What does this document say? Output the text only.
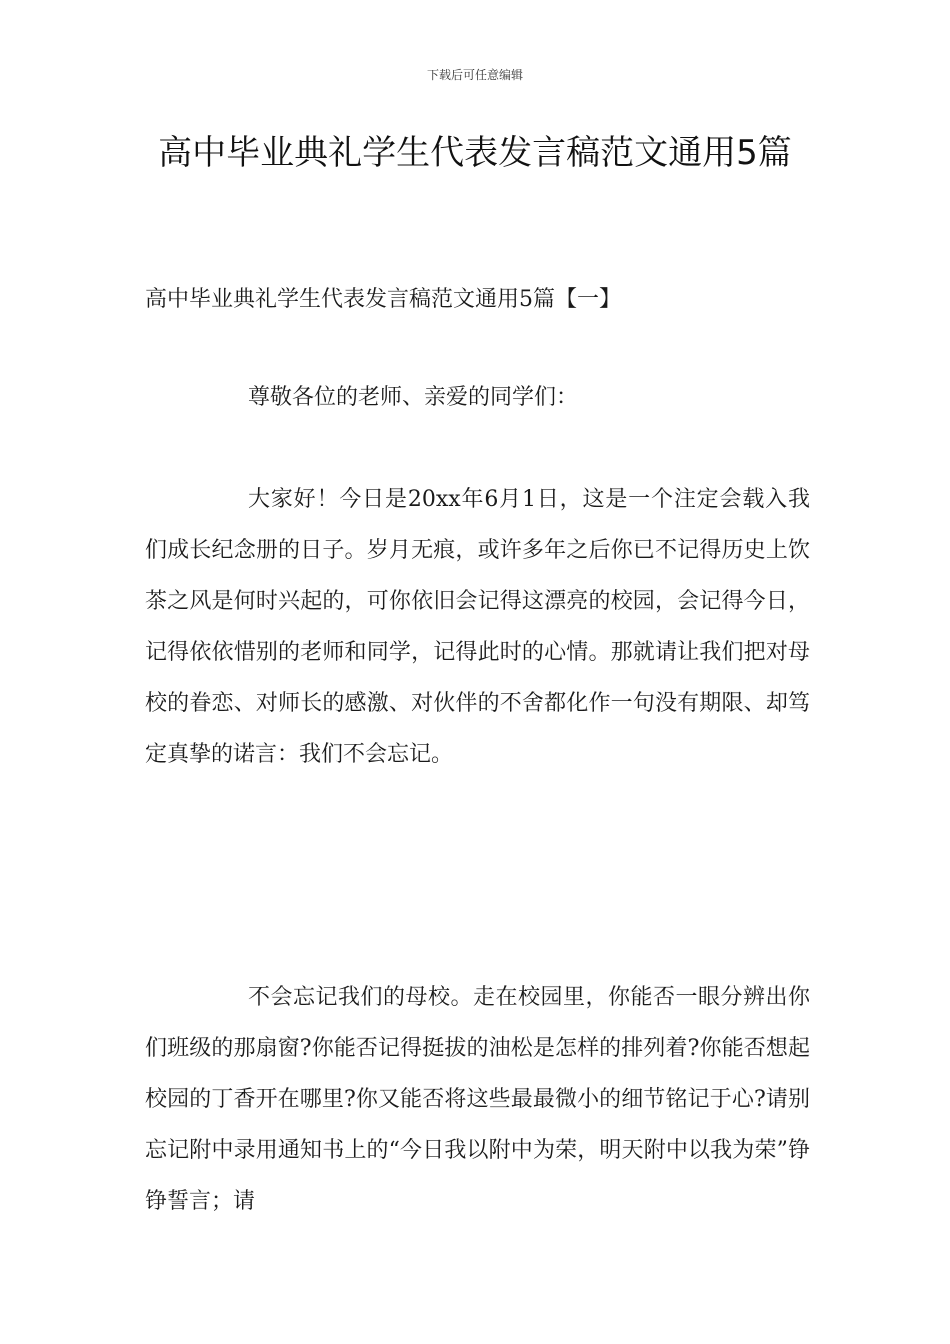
下载后可任意编辑
高中毕业典礼学生代表发言稿范文通用5篇
高中毕业典礼学生代表发言稿范文通用5篇【一】
尊敬各位的老师、亲爱的同学们：

大家好！今日是20xx年6月1日，这是一个注定会载入我们成长纪念册的日子。岁月无痕，或许多年之后你已不记得历史上饮茶之风是何时兴起的，可你依旧会记得这漂亮的校园，会记得今日，记得依依惜别的老师和同学，记得此时的心情。那就请让我们把对母校的眷恋、对师长的感激、对伙伴的不舍都化作一句没有期限、却笃定真挚的诺言：我们不会忘记。

不会忘记我们的母校。走在校园里，你能否一眼分辨出你们班级的那扇窗?你能否记得挺拔的油松是怎样的排列着?你能否想起校园的丁香开在哪里?你又能否将这些最最微小的细节铭记于心?请别忘记附中录用通知书上的“今日我以附中为荣，明天附中以我为荣”铮铮誓言；请
